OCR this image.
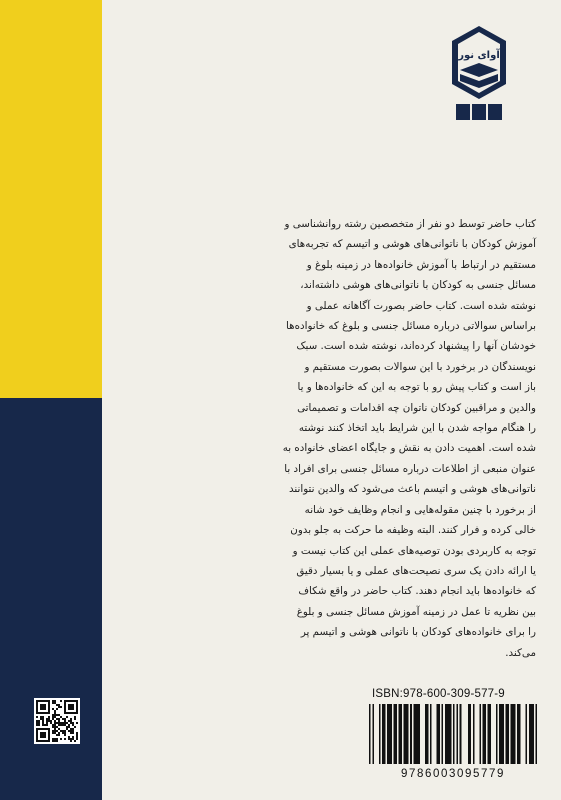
آوای نور
کتاب حاضر توسط دو نفر از متخصصین رشته روانشناسی و
آموزش کودکان با ناتوانی‌های هوشی و اتیسم که تجربه‌های
مستقیم در ارتباط با آموزش خانواده‌ها در زمینه بلوغ و
مسائل جنسی به کودکان با ناتوانی‌های هوشی داشته‌اند،
نوشته شده است. کتاب حاضر بصورت آگاهانه عملی و
براساس سوالاتی درباره مسائل جنسی و بلوغ که خانواده‌ها
خودشان آنها را پیشنهاد کرده‌اند، نوشته شده است. سبک
نویسندگان در برخورد با این سوالات بصورت مستقیم و
باز است و کتاب پیش رو با توجه به این که خانواده‌ها و یا
والدین و مراقبین کودکان ناتوان چه اقدامات و تصمیماتی
را هنگام مواجه شدن با این شرایط باید اتخاذ کنند نوشته
شده است. اهمیت دادن به نقش و جایگاه اعضای خانواده به
عنوان منبعی از اطلاعات درباره مسائل جنسی برای افراد با
ناتوانی‌های هوشی و اتیسم باعث می‌شود که والدین نتوانند
از برخورد با چنین مقوله‌هایی و انجام وظایف خود شانه
خالی کرده و فرار کنند. البته وظیفه ما حرکت به جلو بدون
توجه به کاربردی بودن توصیه‌های عملی این کتاب نیست و
یا ارائه دادن یک سری نصیحت‌های عملی و یا بسیار دقیق
که خانواده‌ها باید انجام دهند. کتاب حاضر در واقع شکاف
بین نظریه تا عمل در زمینه آموزش مسائل جنسی و بلوغ
را برای خانواده‌های کودکان با ناتوانی هوشی و اتیسم پر
می‌کند.
ISBN:978-600-309-577-9
9786003095779
